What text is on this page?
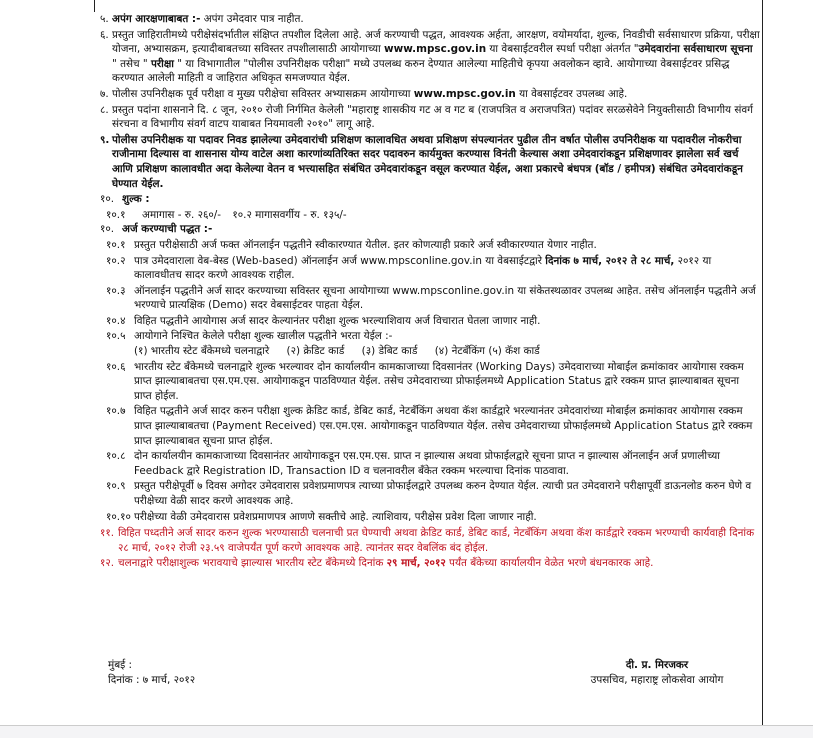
५. अपंग आरक्षणाबाबत :- अपंग उमेदवार पात्र नाहीत.
६. प्रस्तुत जाहिरातीमध्ये परीक्षेसंदर्भातील संक्षिप्त तपशील दिलेला आहे. अर्ज करण्याची पद्धत, आवश्यक अर्हता, आरक्षण, वयोमर्यादा, शुल्क, निवडीची सर्वसाधारण प्रक्रिया, परीक्षा योजना, अभ्यासक्रम, इत्यादीबाबतच्या सविस्तर तपशीलासाठी आयोगाच्या www.mpsc.gov.in या वेबसाईटवरील स्पर्धा परीक्षा अंतर्गत "उमेदवारांना सर्वसाधारण सूचना " तसेच " परीक्षा " या विभागातील "पोलीस उपनिरीक्षक परीक्षा" मध्ये उपलब्ध करुन देण्यात आलेल्या माहितीचे कृपया अवलोकन व्हावे. आयोगाच्या वेबसाईटवर प्रसिद्ध करण्यात आलेली माहिती व जाहिरात अधिकृत समजण्यात येईल.
७. पोलीस उपनिरीक्षक पूर्व परीक्षा व मुख्य परीक्षेचा सविस्तर अभ्यासक्रम आयोगाच्या www.mpsc.gov.in या वेबसाईटवर उपलब्ध आहे.
८. प्रस्तुत पदांना शासनाने दि. ८ जून, २०१० रोजी निर्गमित केलेली "महाराष्ट्र शासकीय गट अ व गट ब (राजपत्रित व अराजपत्रित) पदांवर सरळसेवेने नियुक्तीसाठी विभागीय संवर्ग संरचना व विभागीय संवर्ग वाटप याबाबत नियमावली २०१०" लागू आहे.
९. पोलीस उपनिरीक्षक या पदावर निवड झालेल्या उमेदवारांची प्रशिक्षण कालावधित अथवा प्रशिक्षण संपल्यानंतर पुढील तीन वर्षात पोलीस उपनिरीक्षक या पदावरील नोकरीचा राजीनामा दिल्यास वा शासनास योग्य वाटेल अशा कारणांव्यतिरिक्त सदर पदावरुन कार्यमुक्त करण्यास विनंती केल्यास अशा उमेदवारांकडून प्रशिक्षणावर झालेला सर्व खर्च आणि प्रशिक्षण कालावधीत अदा केलेल्या वेतन व भत्त्यासहित संबंधित उमेदवारांकडून वसूल करण्यात येईल, अशा प्रकारचे बंधपत्र (बॉड / हमीपत्र) संबंधित उमेदवारांकडून घेण्यात येईल.
१०. शुल्क :
१०.१	अमागास - रु. २६०/- १०.२ मागासवर्गीय - रु. १३५/-
१०. अर्ज करण्याची पद्धत :-
१०.१ प्रस्तुत परीक्षेसाठी अर्ज फक्त ऑनलाईन पद्धतीने स्वीकारण्यात येतील. इतर कोणत्याही प्रकारे अर्ज स्वीकारण्यात येणार नाहीत.
१०.२ पात्र उमेदवाराला वेब-बेस्ड (Web-based) ऑनलाईन अर्ज www.mpsconline.gov.in या वेबसाईटद्वारे दिनांक ७ मार्च, २०१२ ते २८ मार्च, २०१२ या कालावधीतच सादर करणे आवश्यक राहील.
१०.३ ऑनलाईन पद्धतीने अर्ज सादर करण्याच्या सविस्तर सूचना आयोगाच्या www.mpsconline.gov.in या संकेतस्थळावर उपलब्ध आहेत. तसेच ऑनलाईन पद्धतीने अर्ज भरण्याचे प्रात्यक्षिक (Demo) सदर वेबसाईटवर पाहता येईल.
१०.४ विहित पद्धतीने आयोगास अर्ज सादर केल्यानंतर परीक्षा शुल्क भरल्याशिवाय अर्ज विचारात घेतला जाणार नाही.
१०.५ आयोगाने निश्चित केलेले परीक्षा शुल्क खालील पद्धतीने भरता येईल :-
(१) भारतीय स्टेट बँकेमध्ये चलनाद्वारे (२) क्रेडिट कार्ड (३) डेबिट कार्ड (४) नेटबँकिंग (५) कॅश कार्ड
१०.६ भारतीय स्टेट बँकेमध्ये चलनाद्वारे शुल्क भरल्यावर दोन कार्यालयीन कामकाजाच्या दिवसानंतर (Working Days) उमेदवाराच्या मोबाईल क्रमांकावर आयोगास रक्कम प्राप्त झाल्याबाबतचा एस.एम.एस. आयोगाकडून पाठविण्यात येईल. तसेच उमेदवाराच्या प्रोफाईलमध्ये Application Status द्वारे रक्कम प्राप्त झाल्याबाबत सूचना प्राप्त होईल.
१०.७ विहित पद्धतीने अर्ज सादर करुन परीक्षा शुल्क क्रेडिट कार्ड, डेबिट कार्ड, नेटबँकिंग अथवा कॅश कार्डद्वारे भरल्यानंतर उमेदवारांच्या मोबाईल क्रमांकावर आयोगास रक्कम प्राप्त झाल्याबाबतचा (Payment Received) एस.एम.एस. आयोगाकडून पाठविण्यात येईल. तसेच उमेदवाराच्या प्रोफाईलमध्ये Application Status द्वारे रक्कम प्राप्त झाल्याबाबत सूचना प्राप्त होईल.
१०.८ दोन कार्यालयीन कामकाजाच्या दिवसानंतर आयोगाकडून एस.एम.एस. प्राप्त न झाल्यास अथवा प्रोफाईलद्वारे सूचना प्राप्त न झाल्यास ऑनलाईन अर्ज प्रणालीच्या Feedback द्वारे Registration ID, Transaction ID व चलनावरील बँकेत रक्कम भरल्याचा दिनांक पाठवावा.
१०.९ प्रस्तुत परीक्षेपूर्वी ७ दिवस अगोदर उमेदवारास प्रवेशप्रमाणपत्र त्याच्या प्रोफाईलद्वारे उपलब्ध करुन देण्यात येईल. त्याची प्रत उमेदवाराने परीक्षापूर्वी डाऊनलोड करुन घेणे व परीक्षेच्या वेळी सादर करणे आवश्यक आहे.
१०.१० परीक्षेच्या वेळी उमेदवारास प्रवेशप्रमाणपत्र आणणे सक्तीचे आहे. त्याशिवाय, परीक्षेस प्रवेश दिला जाणार नाही.
११. विहित पध्दतीने अर्ज सादर करुन शुल्क भरण्यासाठी चलनाची प्रत घेण्याची अथवा क्रेडिट कार्ड, डेबिट कार्ड, नेटबँकिंग अथवा कॅश कार्डद्वारे रक्कम भरण्याची कार्यवाही दिनांक २८ मार्च, २०१२ रोजी २३.५९ वाजेपर्यंत पूर्ण करणे आवश्यक आहे. त्यानंतर सदर वेबलिंक बंद होईल.
१२. चलनाद्वारे परीक्षाशुल्क भरावयाचे झाल्यास भारतीय स्टेट बँकेमध्ये दिनांक २९ मार्च, २०१२ पर्यंत बँकेच्या कार्यालयीन वेळेत भरणे बंधनकारक आहे.
मुंबई :
दिनांक : ७ मार्च, २०१२
दी. प्र. मिरजकर
उपसचिव, महाराष्ट्र लोकसेवा आयोग
